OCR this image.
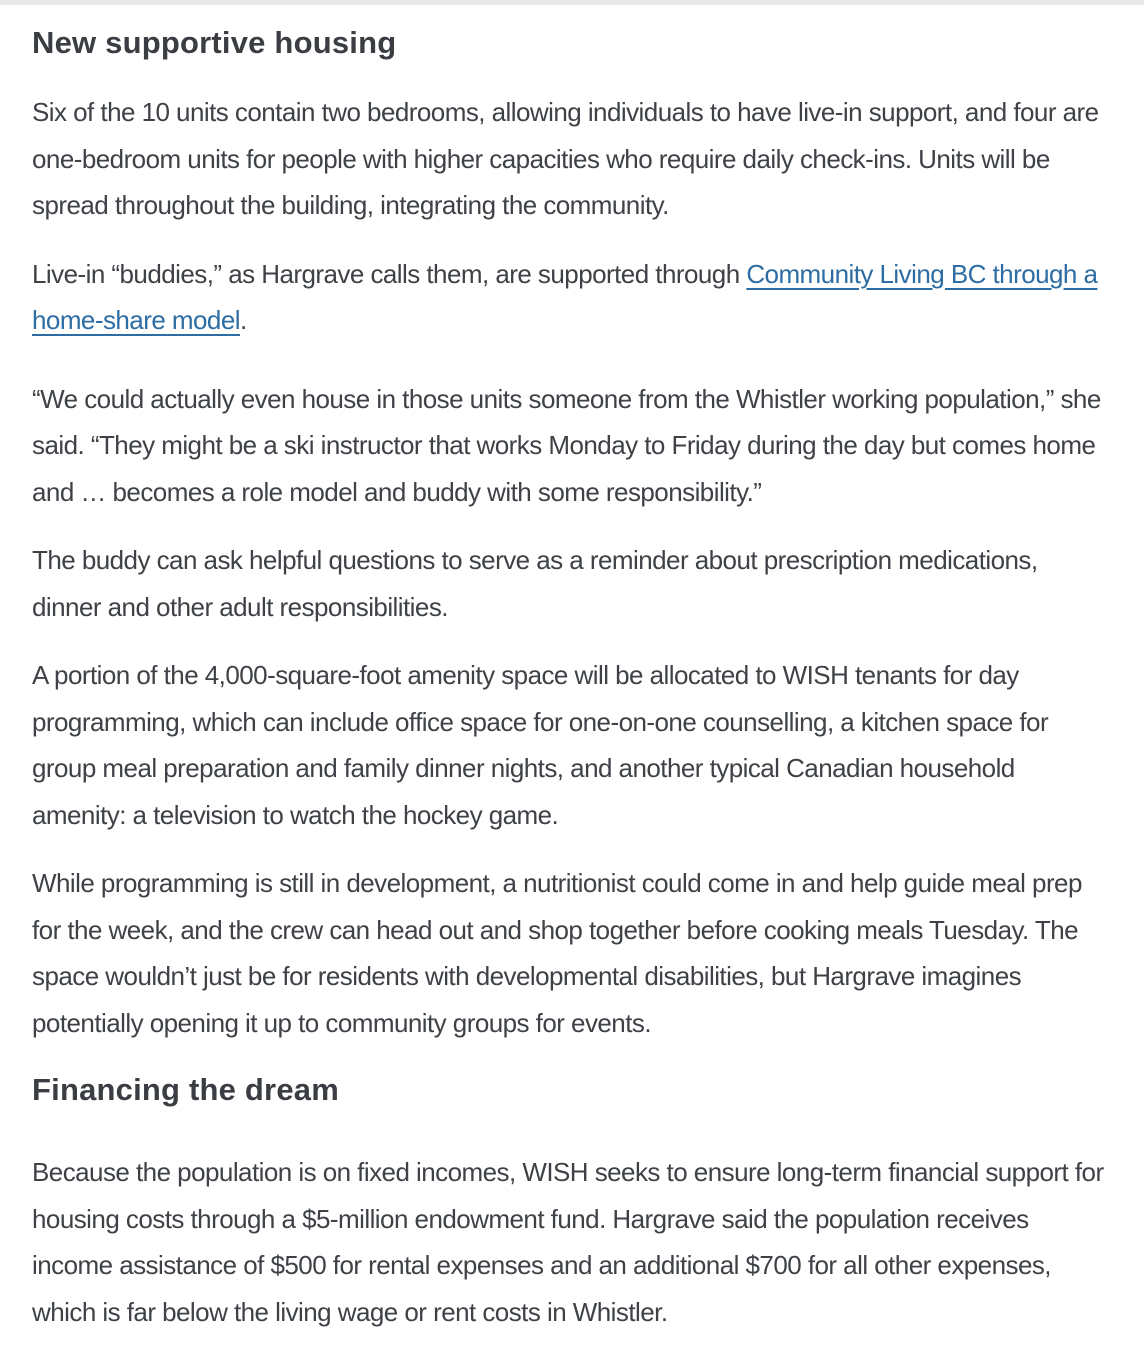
New supportive housing

Six of the 10 units contain two bedrooms, allowing individuals to have live-in support, and four are one-bedroom units for people with higher capacities who require daily check-ins. Units will be spread throughout the building, integrating the community.

Live-in “buddies,” as Hargrave calls them, are supported through Community Living BC through a home-share model.

“We could actually even house in those units someone from the Whistler working population,” she said. “They might be a ski instructor that works Monday to Friday during the day but comes home and … becomes a role model and buddy with some responsibility.”

The buddy can ask helpful questions to serve as a reminder about prescription medications, dinner and other adult responsibilities.

A portion of the 4,000-square-foot amenity space will be allocated to WISH tenants for day programming, which can include office space for one-on-one counselling, a kitchen space for group meal preparation and family dinner nights, and another typical Canadian household amenity: a television to watch the hockey game.

While programming is still in development, a nutritionist could come in and help guide meal prep for the week, and the crew can head out and shop together before cooking meals Tuesday. The space wouldn’t just be for residents with developmental disabilities, but Hargrave imagines potentially opening it up to community groups for events.

Financing the dream

Because the population is on fixed incomes, WISH seeks to ensure long-term financial support for housing costs through a $5-million endowment fund. Hargrave said the population receives income assistance of $500 for rental expenses and an additional $700 for all other expenses, which is far below the living wage or rent costs in Whistler.
